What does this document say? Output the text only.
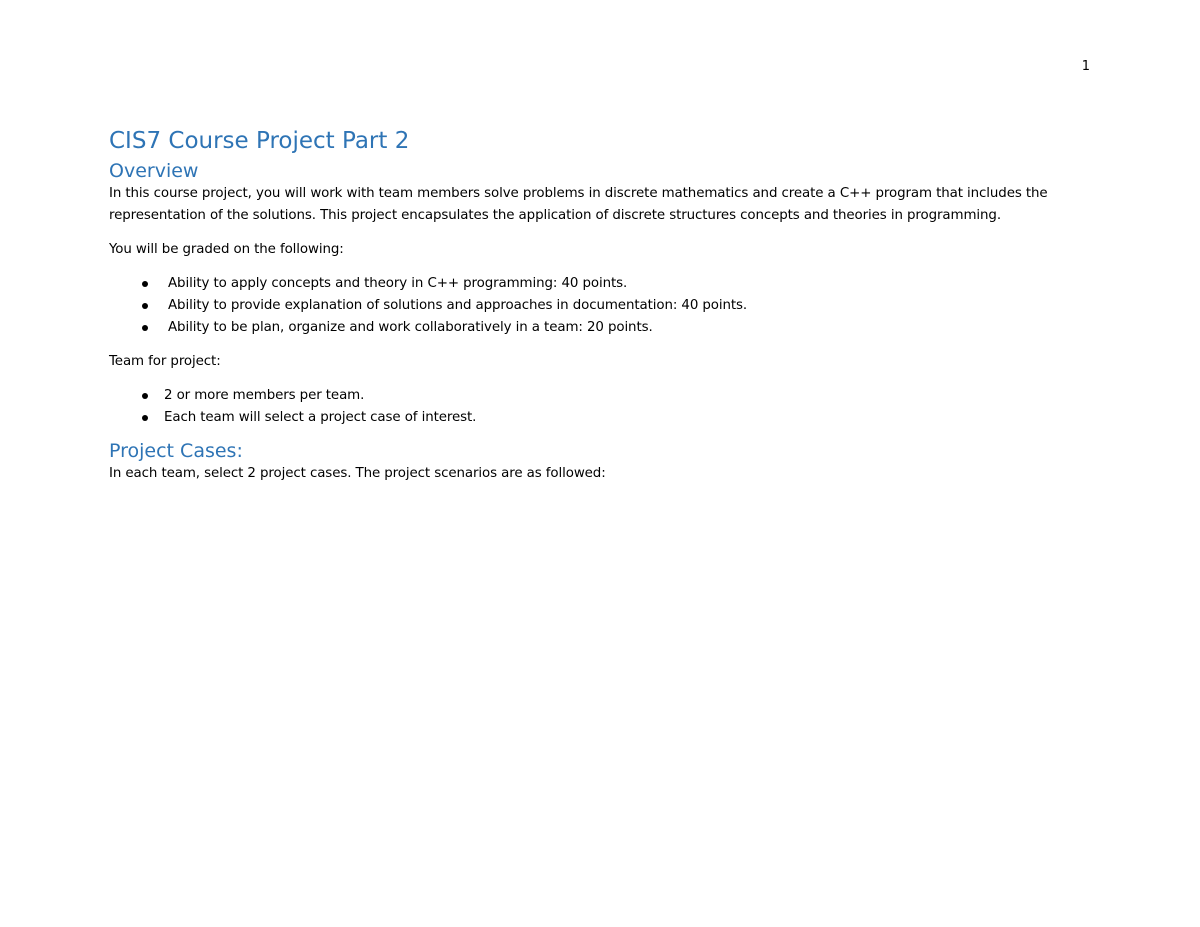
1
CIS7 Course Project Part 2
Overview

In this course project, you will work with team members solve problems in discrete mathematics and create a C++ program that includes the

representation of the solutions. This project encapsulates the application of discrete structures concepts and theories in programming.

You will be graded on the following:

Ability to apply concepts and theory in C++ programming: 40 points.
Ability to provide explanation of solutions and approaches in documentation: 40 points.
Ability to be plan, organize and work collaboratively in a team: 20 points.

Team for project:

2 or more members per team.
Each team will select a project case of interest.
Project Cases:

In each team, select 2 project cases. The project scenarios are as followed:
